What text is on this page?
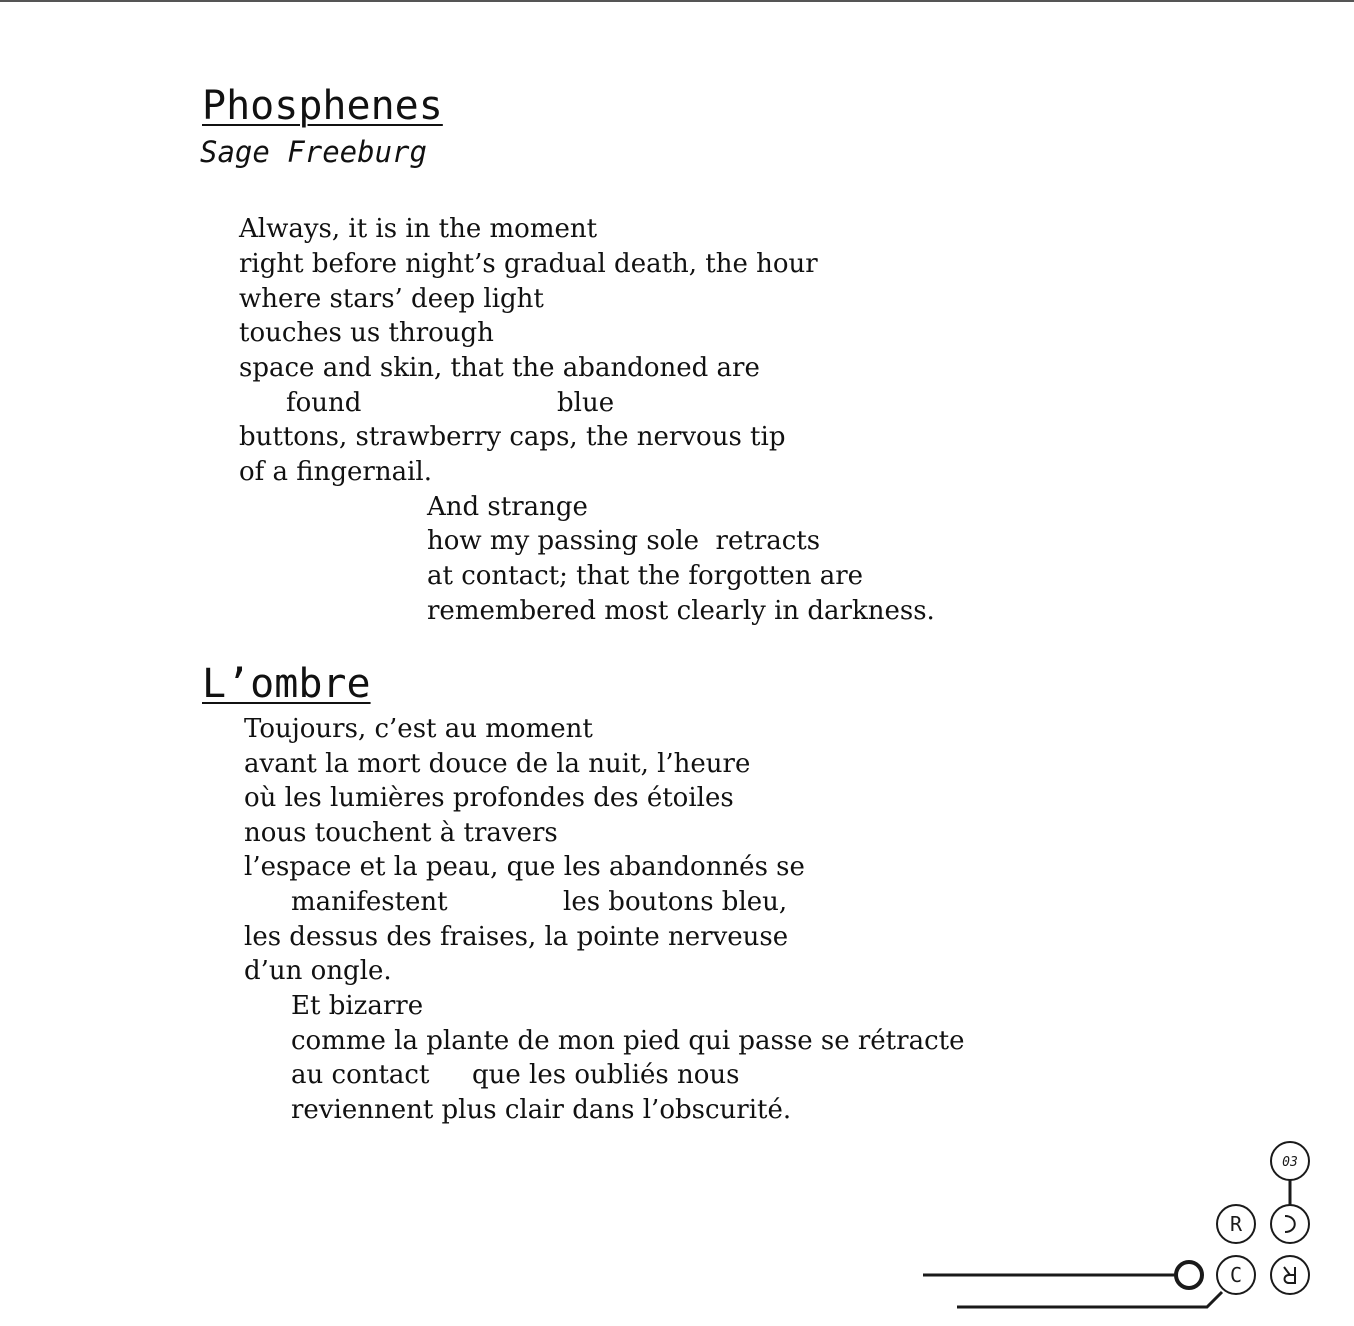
Phosphenes
Sage Freeburg
Always, it is in the moment
right before night’s gradual death, the hour
where stars’ deep light
touches us through
space and skin, that the abandoned are
found	blue
buttons, strawberry caps, the nervous tip
of a fingernail.
And strange
how my passing sole  retracts
at contact; that the forgotten are
remembered most clearly in darkness.
L’ombre
Toujours, c’est au moment
avant la mort douce de la nuit, l’heure
où les lumières profondes des étoiles
nous touchent à travers
l’espace et la peau, que les abandonnés se
manifestent	les boutons bleu,
les dessus des fraises, la pointe nerveuse
d’un ongle.
Et bizarre
comme la plante de mon pied qui passe se rétracte
au contact que les oubliés nous
reviennent plus clair dans l’obscurité.
03
R
C
